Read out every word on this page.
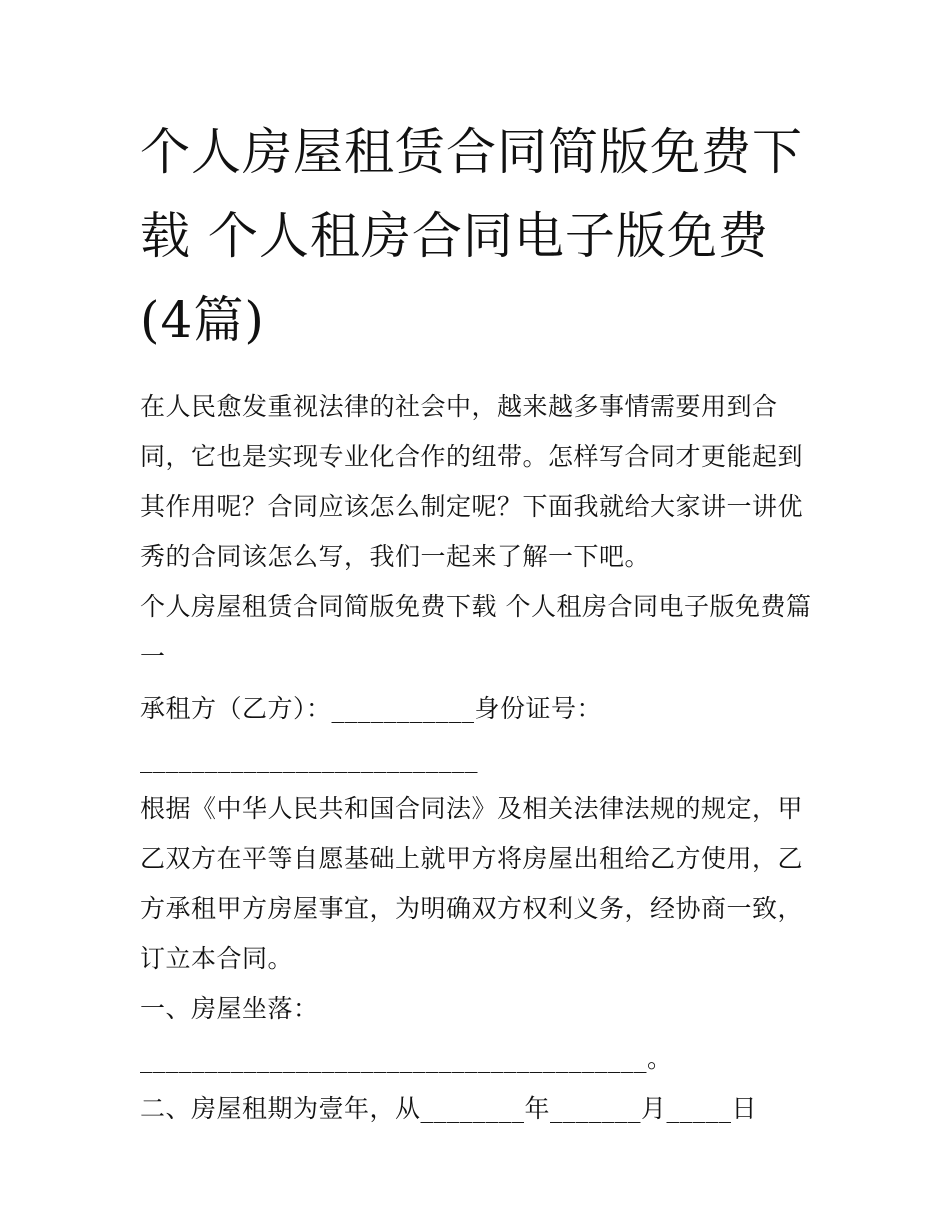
个人房屋租赁合同简版免费下载 个人租房合同电子版免费(4篇)

在人民愈发重视法律的社会中，越来越多事情需要用到合同，它也是实现专业化合作的纽带。怎样写合同才更能起到其作用呢？合同应该怎么制定呢？下面我就给大家讲一讲优秀的合同该怎么写，我们一起来了解一下吧。

个人房屋租赁合同简版免费下载 个人租房合同电子版免费篇一

承租方（乙方）：___________身份证号：

__________________________

根据《中华人民共和国合同法》及相关法律法规的规定，甲乙双方在平等自愿基础上就甲方将房屋出租给乙方使用，乙方承租甲方房屋事宜，为明确双方权利义务，经协商一致，订立本合同。

一、房屋坐落：

_______________________________________。

二、房屋租期为壹年，从________年_______月_____日
